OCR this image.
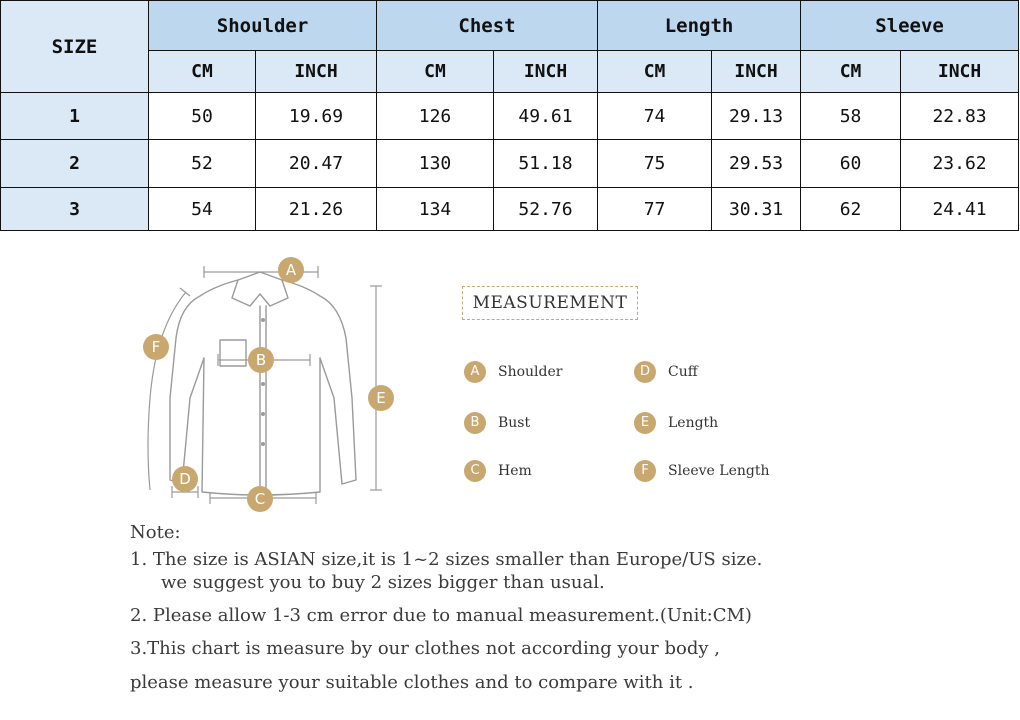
SIZE	Shoulder		Chest		Length		Sleeve	
	CM	INCH	CM	INCH	CM	INCH	CM	INCH
1	50	19.69	126	49.61	74	29.13	58	22.83
2	52	20.47	130	51.18	75	29.53	60	23.62
3	54	21.26	134	52.76	77	30.31	62	24.41
A
B
C
D
E
F
MEASUREMENT
A	Shoulder
B	Bust
C	Hem
D	Cuff
E	Length
F	Sleeve Length
Note:
1. The size is ASIAN size,it is 1~2 sizes smaller than Europe/US size.
we suggest you to buy 2 sizes bigger than usual.
2. Please allow 1-3 cm error due to manual measurement.(Unit:CM)
3.This chart is measure by our clothes not according your body ,
please measure your suitable clothes and to compare with it .
